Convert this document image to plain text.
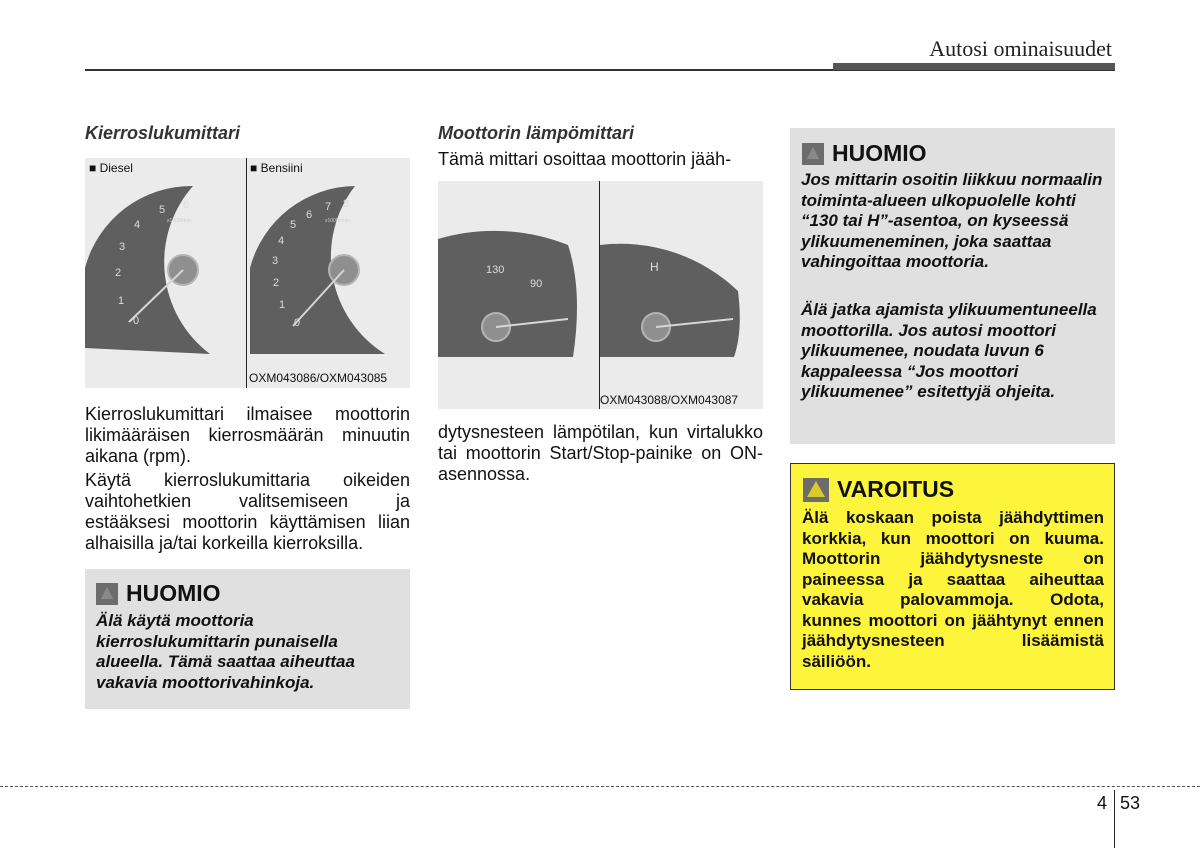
Autosi ominaisuudet
Kierroslukumittari
0
1
2
3
4
5 6
x1000r/min
0
1
2
3
4
5
6
7 8
x1000r/min
■ Diesel	■ Bensiini
OXM043086/OXM043085

Kierroslukumittari ilmaisee moottorin likimääräisen kierrosmäärän minuutin aikana (rpm).

Käytä kierroslukumittaria oikeiden vaihtohetkien valitsemiseen ja estääksesi moottorin käyttämisen liian alhaisilla ja/tai korkeilla kierroksilla.

HUOMIO

Älä käytä moottoria kierroslukumittarin punaisella alueella. Tämä saattaa aiheuttaa vakavia moottorivahinkoja.

Moottorin lämpömittari
Tämä mittari osoittaa moottorin jääh-
130
90
H
OXM043088/OXM043087

dytysnesteen lämpötilan, kun virtalukko tai moottorin Start/Stop-painike on ON-asennossa.

HUOMIO

Jos mittarin osoitin liikkuu normaalin toiminta-alueen ulkopuolelle kohti “130 tai H”-asentoa, on kyseessä ylikuumeneminen, joka saattaa vahingoittaa moottoria.

Älä jatka ajamista ylikuumentuneella moottorilla. Jos autosi moottori ylikuumenee, noudata luvun 6 kappaleessa “Jos moottori ylikuumenee” esitettyjä ohjeita.

VAROITUS

Älä koskaan poista jäähdyttimen korkkia, kun moottori on kuuma. Moottorin jäähdytysneste on paineessa ja saattaa aiheuttaa vakavia palovammoja. Odota, kunnes moottori on jäähtynyt ennen jäähdytysnesteen lisäämistä säiliöön.

4 53
